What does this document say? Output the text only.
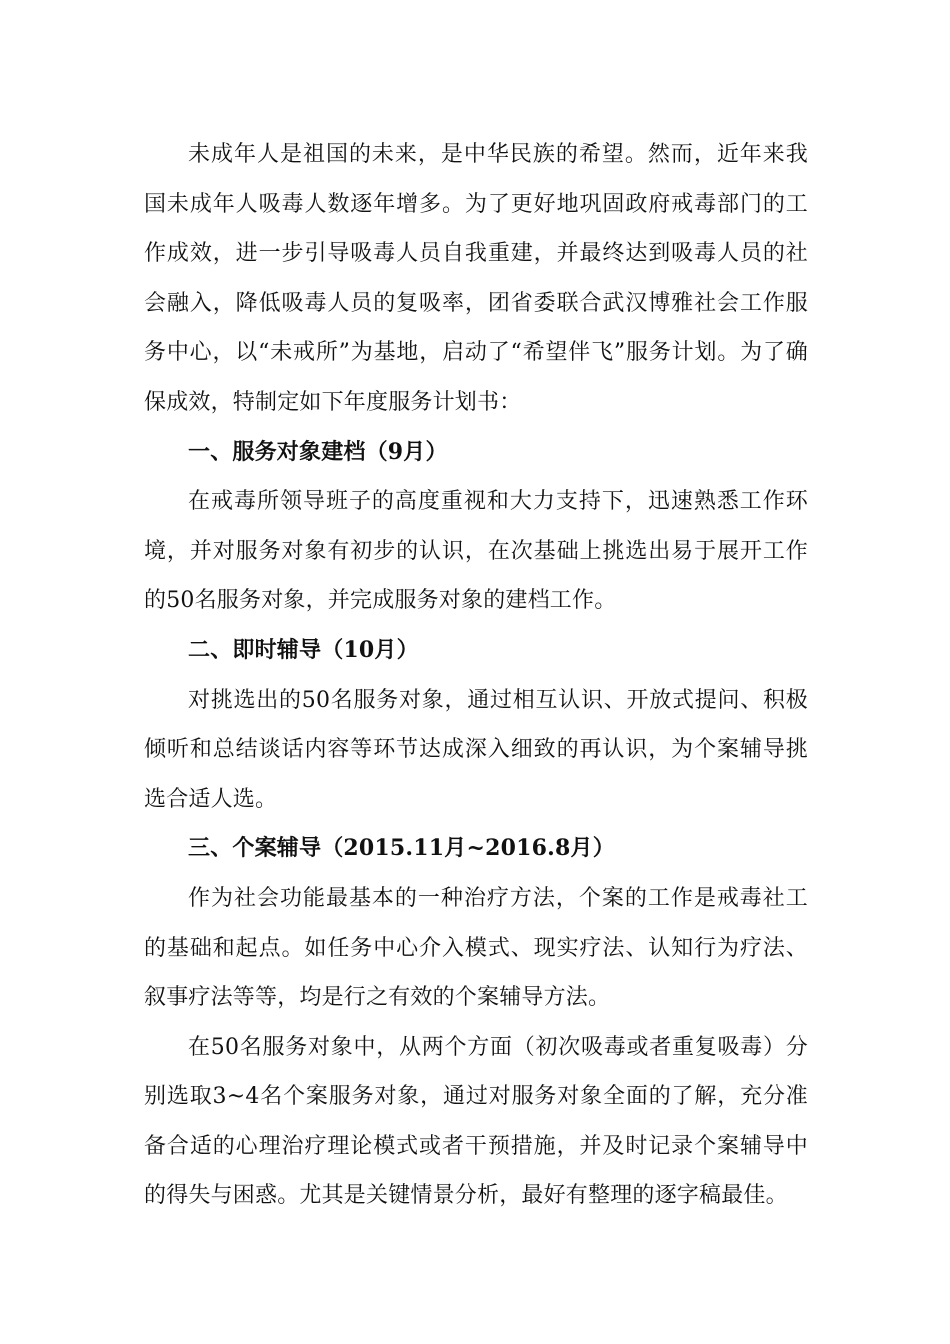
未成年人是祖国的未来，是中华民族的希望。然而，近年来我国未成年人吸毒人数逐年增多。为了更好地巩固政府戒毒部门的工作成效，进一步引导吸毒人员自我重建，并最终达到吸毒人员的社会融入，降低吸毒人员的复吸率，团省委联合武汉博雅社会工作服务中心，以“未戒所”为基地，启动了“希望伴飞”服务计划。为了确保成效，特制定如下年度服务计划书：

一、服务对象建档（9月）

在戒毒所领导班子的高度重视和大力支持下，迅速熟悉工作环境，并对服务对象有初步的认识，在次基础上挑选出易于展开工作的50名服务对象，并完成服务对象的建档工作。

二、即时辅导（10月）

对挑选出的50名服务对象，通过相互认识、开放式提问、积极倾听和总结谈话内容等环节达成深入细致的再认识，为个案辅导挑选合适人选。

三、个案辅导（2015.11月~2016.8月）

作为社会功能最基本的一种治疗方法，个案的工作是戒毒社工的基础和起点。如任务中心介入模式、现实疗法、认知行为疗法、叙事疗法等等，均是行之有效的个案辅导方法。

在50名服务对象中，从两个方面（初次吸毒或者重复吸毒）分别选取3~4名个案服务对象，通过对服务对象全面的了解，充分准备合适的心理治疗理论模式或者干预措施，并及时记录个案辅导中的得失与困惑。尤其是关键情景分析，最好有整理的逐字稿最佳。
